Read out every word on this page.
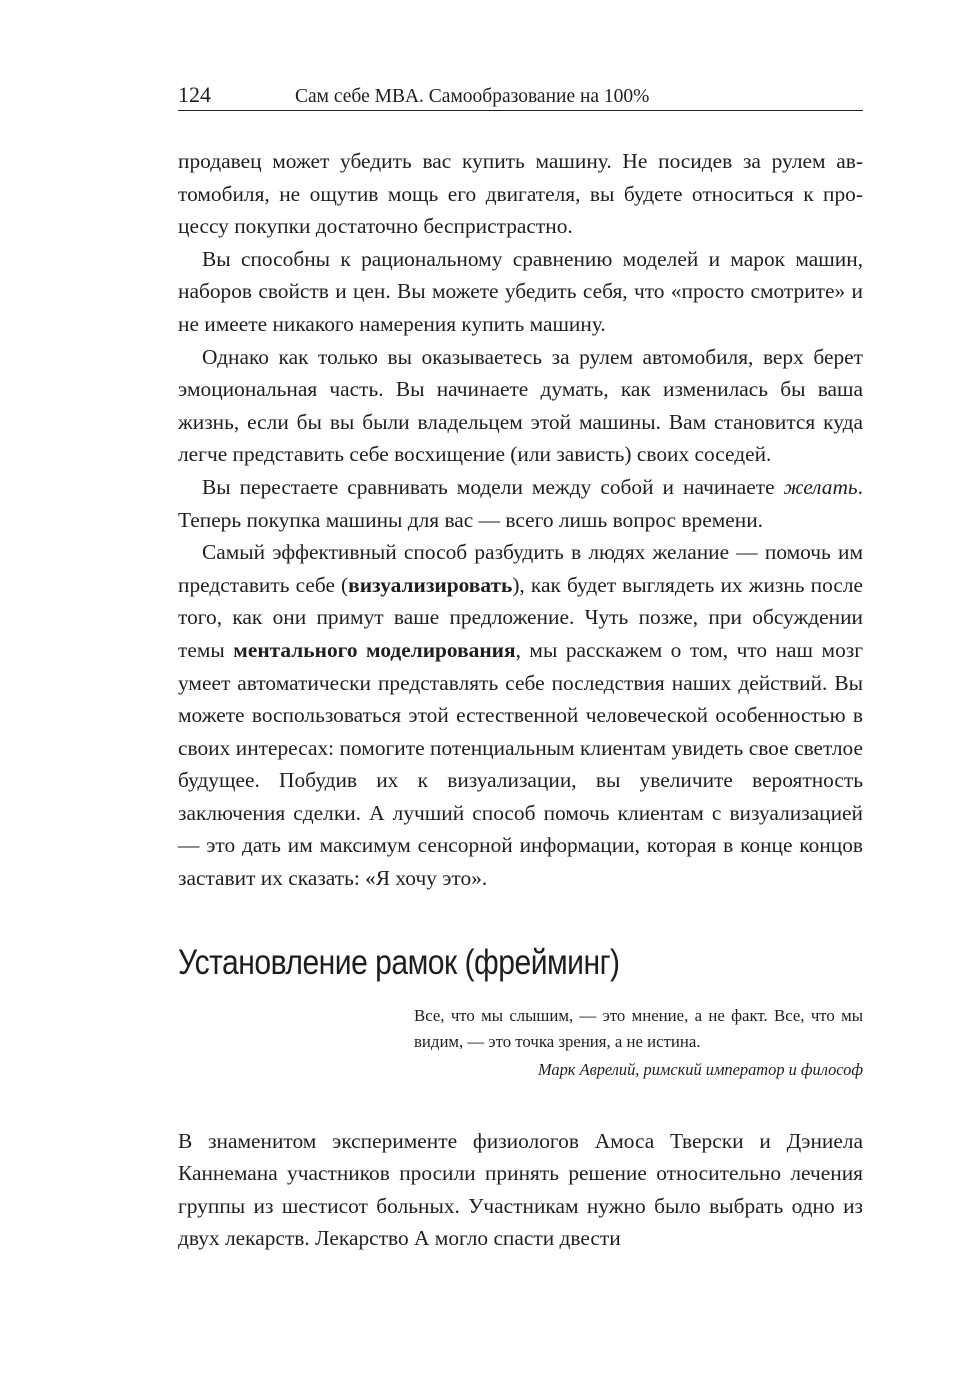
124	Сам себе MBA. Самообразование на 100%

продавец может убедить вас купить машину. Не посидев за рулем автомобиля, не ощутив мощь его двигателя, вы будете относиться к процессу покупки достаточно беспристрастно.

Вы способны к рациональному сравнению моделей и марок машин, наборов свойств и цен. Вы можете убедить себя, что «просто смотрите» и не имеете никакого намерения купить машину.

Однако как только вы оказываетесь за рулем автомобиля, верх берет эмоциональная часть. Вы начинаете думать, как изменилась бы ваша жизнь, если бы вы были владельцем этой машины. Вам становится куда легче представить себе восхищение (или зависть) своих соседей.

Вы перестаете сравнивать модели между собой и начинаете желать. Теперь покупка машины для вас — всего лишь вопрос времени.

Самый эффективный способ разбудить в людях желание — помочь им представить себе (визуализировать), как будет выглядеть их жизнь после того, как они примут ваше предложение. Чуть позже, при обсуждении темы ментального моделирования, мы расскажем о том, что наш мозг умеет автоматически представлять себе последствия наших действий. Вы можете воспользоваться этой естественной человеческой особенностью в своих интересах: помогите потенциальным клиентам увидеть свое светлое будущее. Побудив их к визуализации, вы увеличите вероятность заключения сделки. А лучший способ помочь клиентам с визуализацией — это дать им максимум сенсорной информации, которая в конце концов заставит их сказать: «Я хочу это».

Установление рамок (фрейминг)
Все, что мы слышим, — это мнение, а не факт. Все, что мы видим, — это точка зрения, а не истина.
Марк Аврелий, римский император и философ

В знаменитом эксперименте физиологов Амоса Тверски и Дэниела Каннемана участников просили принять решение относительно лечения группы из шестисот больных. Участникам нужно было выбрать одно из двух лекарств. Лекарство А могло спасти двести
